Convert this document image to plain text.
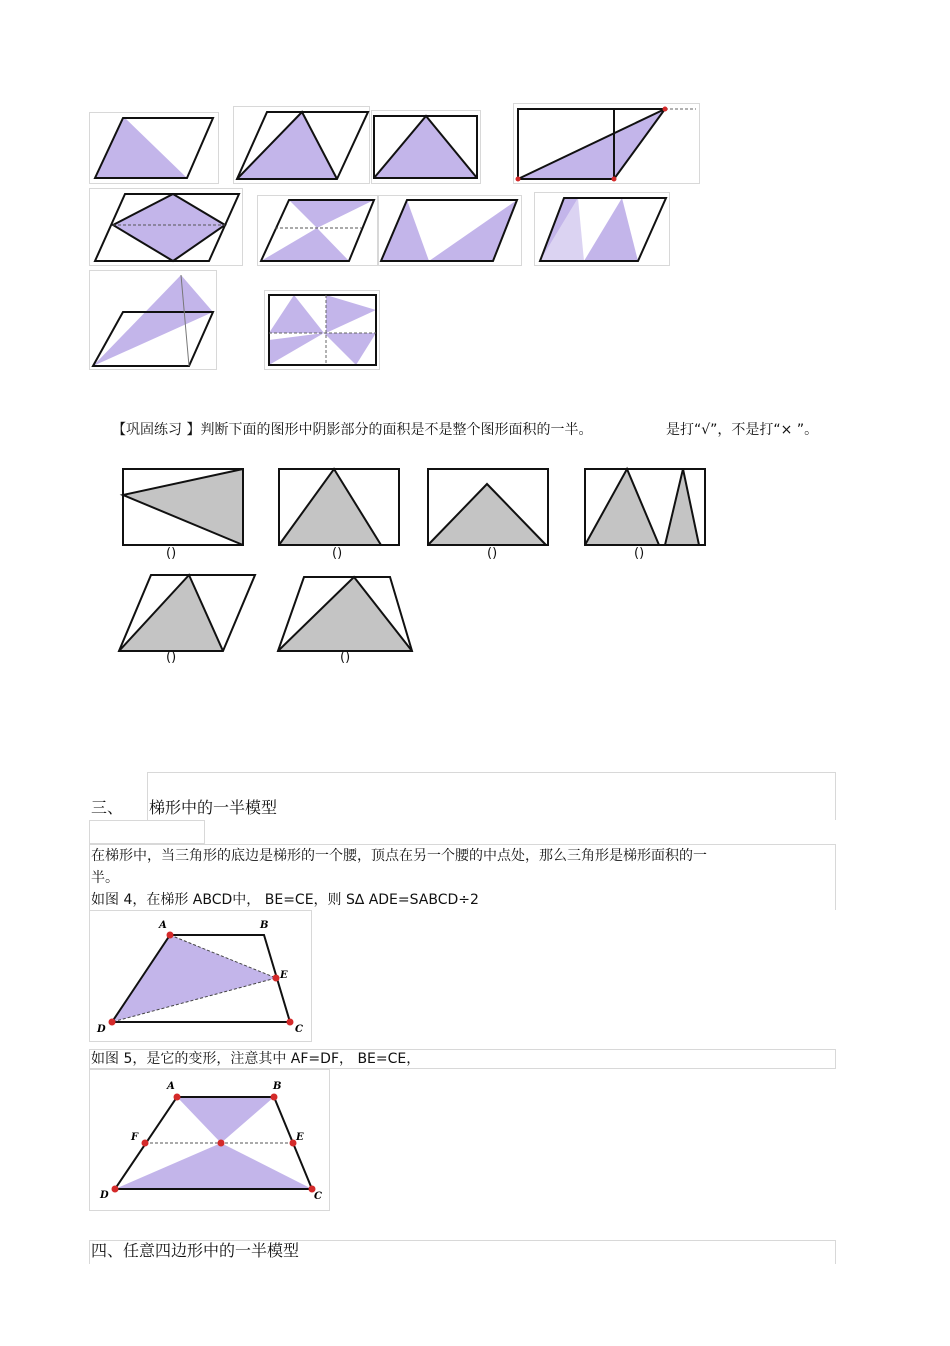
【巩固练习 】判断下面的图形中阴影部分的面积是不是整个图形面积的一半。	是打“√”，不是打“× ”。
()	()	()	()
()	()
三、 梯形中的一半模型
在梯形中，当三角形的底边是梯形的一个腰，顶点在另一个腰的中点处，那么三角形是梯形面积的一
半。
如图 4，在梯形 ABCD中， BE=CE，则 S∆ ADE=SABCD÷2
A	B
E
D	C
如图 5，是它的变形，注意其中 AF=DF， BE=CE，
A	B
F	E
D	C
四、任意四边形中的一半模型
